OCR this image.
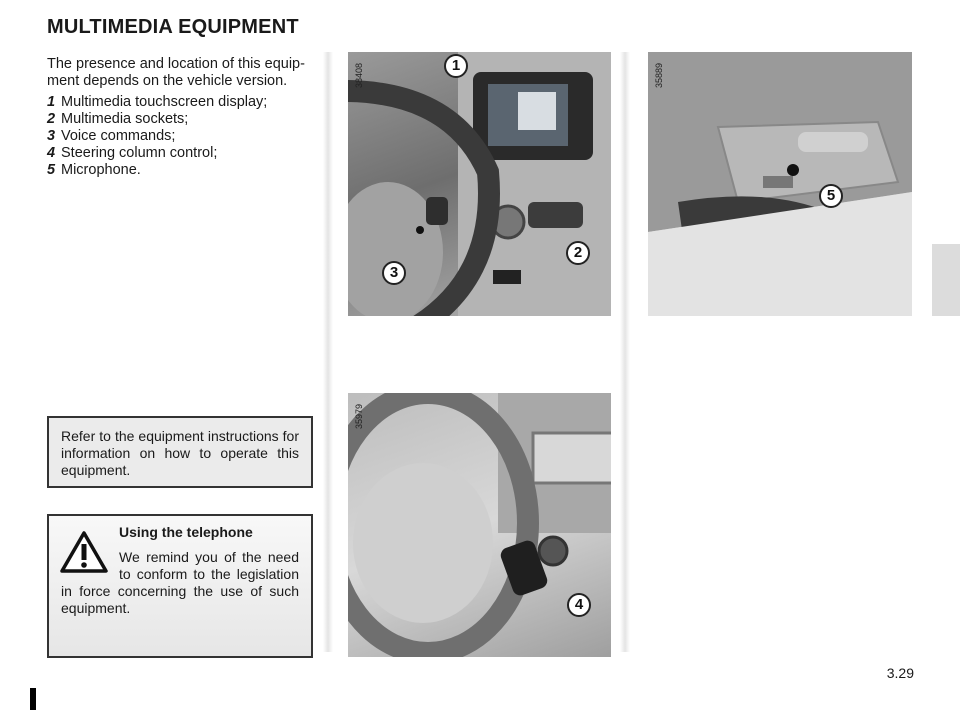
MULTIMEDIA EQUIPMENT

The presence and location of this equip-ment depends on the vehicle version.

1 Multimedia touchscreen display;
2 Multimedia sockets;
3 Voice commands;
4 Steering column control;
5 Microphone.
Refer to the equipment instructions for information on how to operate this equipment.
Using the telephone
We remind you of the need to conform to the legislation in force concerning the use of such equipment.
38408	35889
35979
1
2
3
5
4
3.29
